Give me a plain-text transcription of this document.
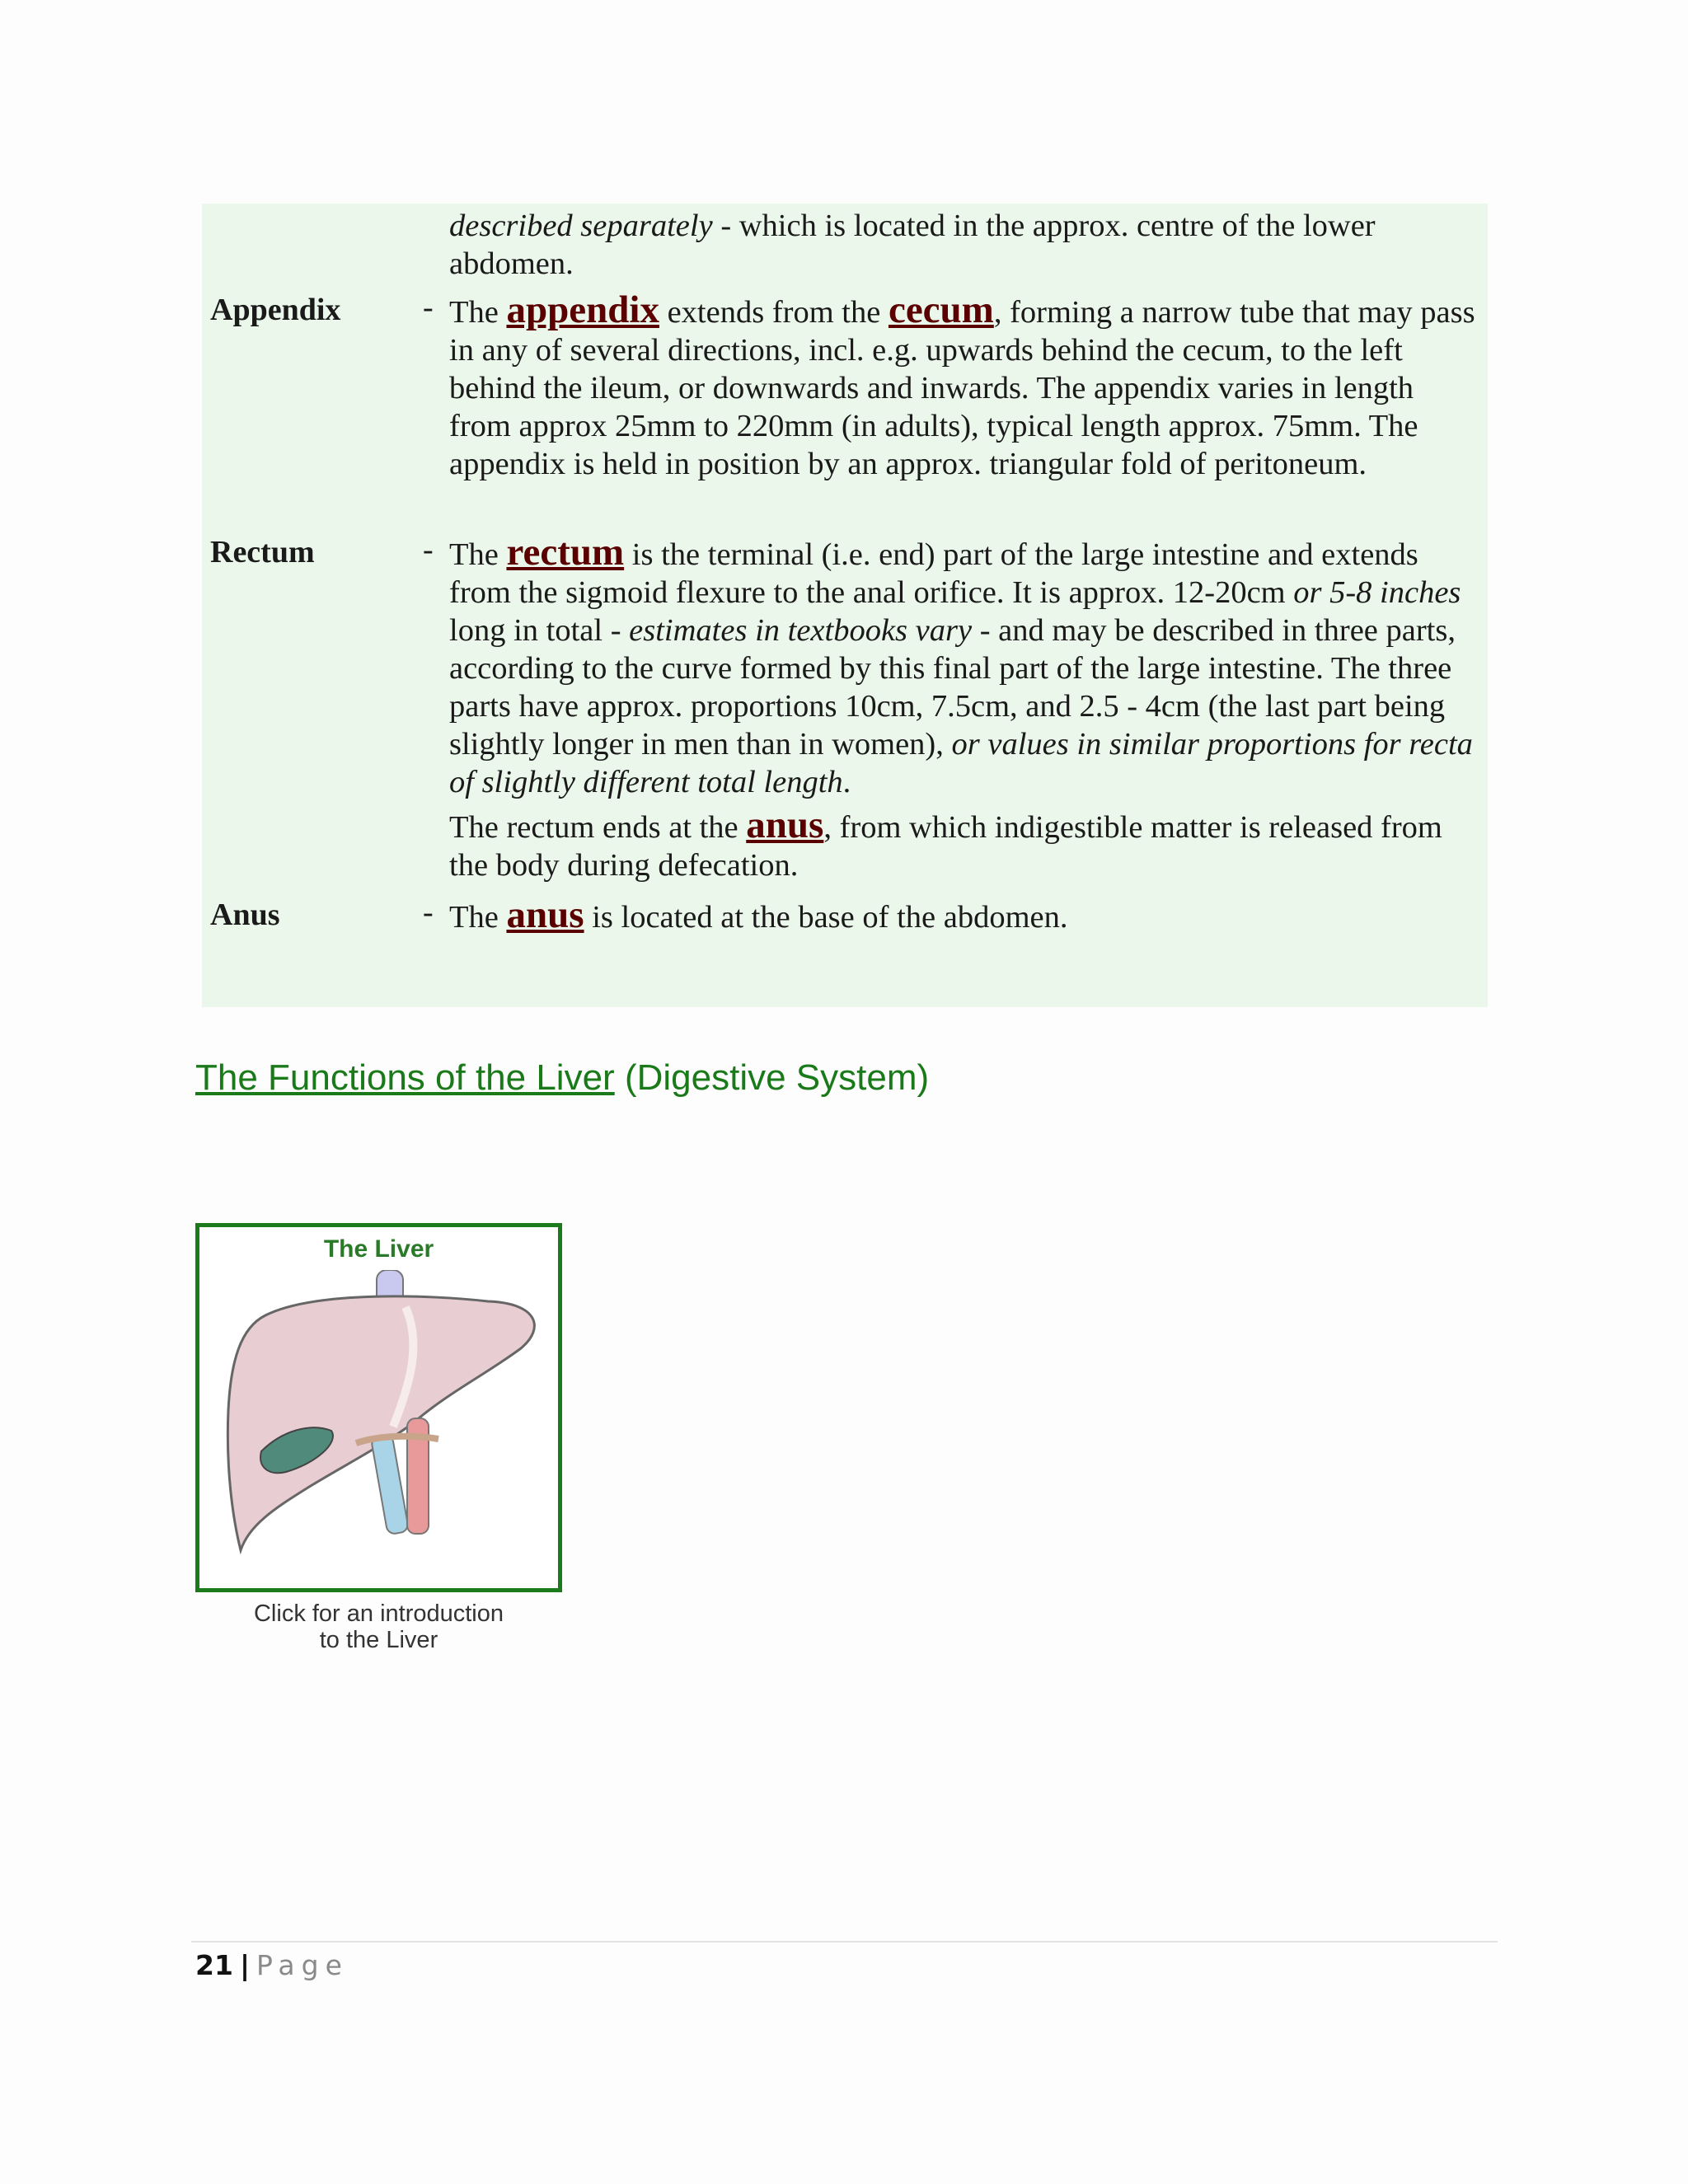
described separately - which is located in the approx. centre of the lower abdomen.

Appendix	- The appendix extends from the cecum, forming a narrow tube that may pass in any of several directions, incl. e.g. upwards behind the cecum, to the left behind the ileum, or downwards and inwards. The appendix varies in length from approx 25mm to 220mm (in adults), typical length approx. 75mm. The appendix is held in position by an approx. triangular fold of peritoneum.

Rectum	- The rectum is the terminal (i.e. end) part of the large intestine and extends from the sigmoid flexure to the anal orifice. It is approx. 12-20cm or 5-8 inches long in total - estimates in textbooks vary - and may be described in three parts, according to the curve formed by this final part of the large intestine. The three parts have approx. proportions 10cm, 7.5cm, and 2.5 - 4cm (the last part being slightly longer in men than in women), or values in similar proportions for recta of slightly different total length.

The rectum ends at the anus, from which indigestible matter is released from the body during defecation.

Anus	- The anus is located at the base of the abdomen.

The Functions of the Liver (Digestive System)
The Liver
Click for an introduction
to the Liver
21 | Page
